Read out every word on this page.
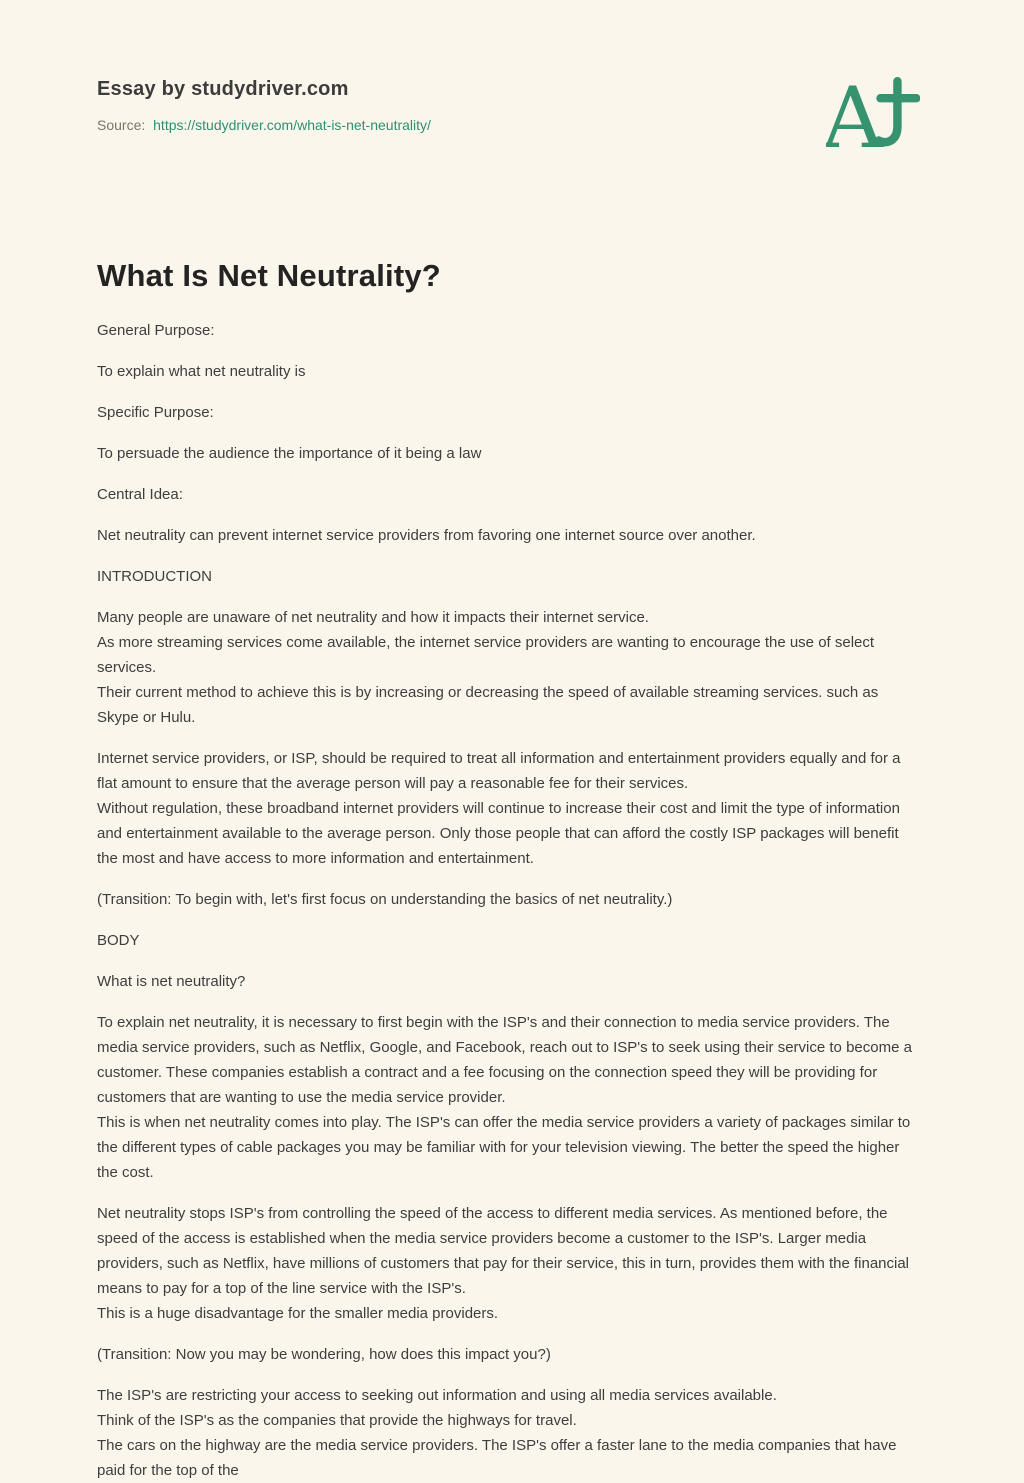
Essay by studydriver.com
Source: https://studydriver.com/what-is-net-neutrality/	A
What Is Net Neutrality?

General Purpose:

To explain what net neutrality is

Specific Purpose:

To persuade the audience the importance of it being a law

Central Idea:

Net neutrality can prevent internet service providers from favoring one internet source over another.

INTRODUCTION

Many people are unaware of net neutrality and how it impacts their internet service.
As more streaming services come available, the internet service providers are wanting to encourage the use of select services.
Their current method to achieve this is by increasing or decreasing the speed of available streaming services. such as Skype or Hulu.

Internet service providers, or ISP, should be required to treat all information and entertainment providers equally and for a flat amount to ensure that the average person will pay a reasonable fee for their services.
Without regulation, these broadband internet providers will continue to increase their cost and limit the type of information and entertainment available to the average person. Only those people that can afford the costly ISP packages will benefit the most and have access to more information and entertainment.

(Transition: To begin with, let's first focus on understanding the basics of net neutrality.)

BODY

What is net neutrality?

To explain net neutrality, it is necessary to first begin with the ISP's and their connection to media service providers. The media service providers, such as Netflix, Google, and Facebook, reach out to ISP's to seek using their service to become a customer. These companies establish a contract and a fee focusing on the connection speed they will be providing for customers that are wanting to use the media service provider.
This is when net neutrality comes into play. The ISP's can offer the media service providers a variety of packages similar to the different types of cable packages you may be familiar with for your television viewing. The better the speed the higher the cost.

Net neutrality stops ISP's from controlling the speed of the access to different media services. As mentioned before, the speed of the access is established when the media service providers become a customer to the ISP's. Larger media providers, such as Netflix, have millions of customers that pay for their service, this in turn, provides them with the financial means to pay for a top of the line service with the ISP's.
This is a huge disadvantage for the smaller media providers.

(Transition: Now you may be wondering, how does this impact you?)

The ISP's are restricting your access to seeking out information and using all media services available.
Think of the ISP's as the companies that provide the highways for travel.
The cars on the highway are the media service providers. The ISP's offer a faster lane to the media companies that have paid for the top of the
